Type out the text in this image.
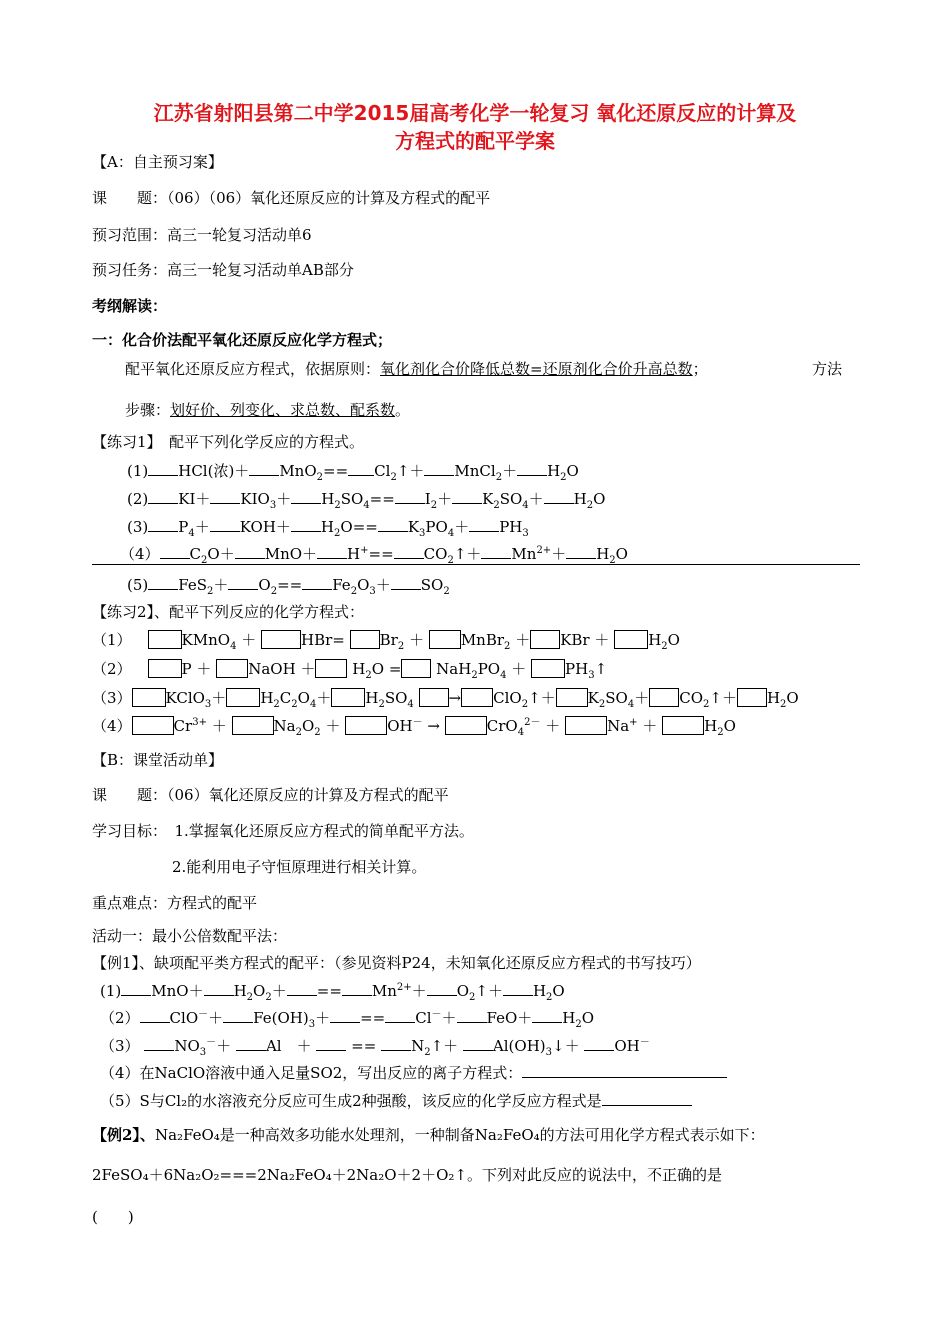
江苏省射阳县第二中学2015届高考化学一轮复习 氧化还原反应的计算及
方程式的配平学案
【A：自主预习案】
课　　题：（06）（06）氧化还原反应的计算及方程式的配平
预习范围：高三一轮复习活动单6
预习任务：高三一轮复习活动单AB部分
考纲解读：
一：化合价法配平氧化还原反应化学方程式；
配平氧化还原反应方程式，依据原则：氧化剂化合价降低总数=还原剂化合价升高总数；	方法
步骤：划好价、列变化、求总数、配系数。
【练习1】　配平下列化学反应的方程式。
(1) HCl(浓)＋ $MnO_2== Cl_2↑+$ MnCl$_2$＋ $H_2O$
(2) $KI+ KIO_3+ H_2SO_4== I_2+ K_2SO_4+ H_2O$
(3) $P_4+ KOH+ H_2O== K_3PO_4+ PH_3$
（4） $C_2O+ MnO+ H^+==$ $CO_2↑+ Mn^{2+}+ H_2O$
(5) $FeS_2+ O_2== Fe_2O_3+ SO_2$
【练习2】、配平下列反应的化学方程式：
（1）	KMnO$_4$ ＋	$HBr= Br_2$ ＋ MnBr$_2$ ＋ KBr ＋	$H_2O$
（2）	P ＋ NaOH ＋ $H_2O = NaH_2PO_4$ ＋	$PH_3↑$
（3） KClO$_3$＋ $H_2C_2O_4+ H_2SO_4$ → ClO$_2$↑＋ $K_2SO_4+$ $CO_2↑+ H_2O$
（4）	$Cr^{3+}$ ＋	$Na_2O_2$ ＋	OH－ →	CrO$_4^{2-}$ ＋	Na+ ＋	$H_2O$
【B：课堂活动单】
课　　题：（06）氧化还原反应的计算及方程式的配平
学习目标：　1.掌握氧化还原反应方程式的简单配平方法。
2.能利用电子守恒原理进行相关计算。
重点难点：方程式的配平
活动一：最小公倍数配平法：
【例1】、缺项配平类方程式的配平：（参见资料P24，未知氧化还原反应方程式的书写技巧）
(1) $MnO+ H_2O_2+ == Mn^{2+}+$ $O_2↑+ H_2O$
（2） $ClO^-+ Fe(OH)_3+ == Cl^-+ FeO+ H_2O$
（3） $NO_3^-+ Al$　＋	== $N_2↑+$ $Al(OH)_3↓+ OH^-$
（4）在NaClO溶液中通入足量SO2，写出反应的离子方程式：
（5）S与Cl₂的水溶液充分反应可生成2种强酸，该反应的化学反应方程式是
【例2】、Na₂FeO₄是一种高效多功能水处理剂，一种制备Na₂FeO₄的方法可用化学方程式表示如下：
2FeSO₄＋6Na₂O₂===2Na₂FeO₄＋2Na₂O＋2＋O₂↑。下列对此反应的说法中，不正确的是
(　　)
